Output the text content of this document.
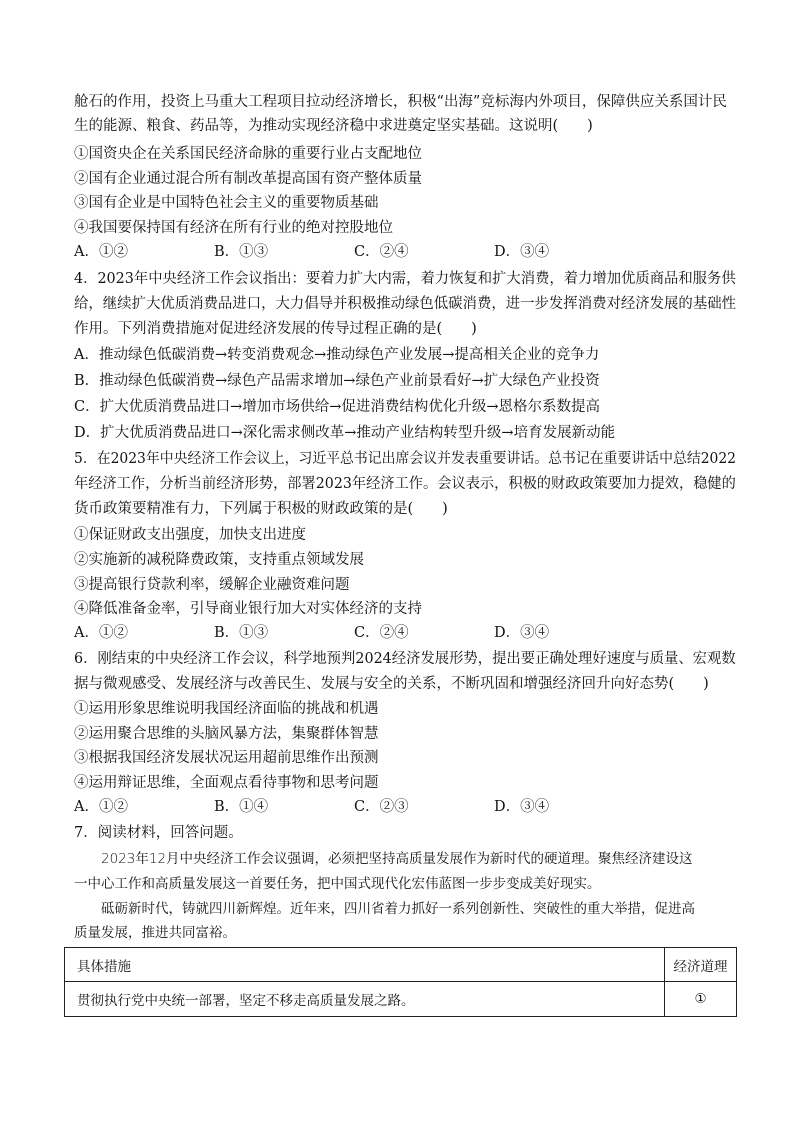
舱石的作用，投资上马重大工程项目拉动经济增长，积极“出海”竞标海内外项目，保障供应关系国计民
生的能源、粮食、药品等，为推动实现经济稳中求进奠定坚实基础。这说明(　　)
①国资央企在关系国民经济命脉的重要行业占支配地位
②国有企业通过混合所有制改革提高国有资产整体质量
③国有企业是中国特色社会主义的重要物质基础
④我国要保持国有经济在所有行业的绝对控股地位
A．①②	B．①③	C．②④	D．③④
4．2023年中央经济工作会议指出：要着力扩大内需，着力恢复和扩大消费，着力增加优质商品和服务供
给，继续扩大优质消费品进口，大力倡导并积极推动绿色低碳消费，进一步发挥消费对经济发展的基础性
作用。下列消费措施对促进经济发展的传导过程正确的是(　　)
A．推动绿色低碳消费→转变消费观念→推动绿色产业发展→提高相关企业的竞争力
B．推动绿色低碳消费→绿色产品需求增加→绿色产业前景看好→扩大绿色产业投资
C．扩大优质消费品进口→增加市场供给→促进消费结构优化升级→恩格尔系数提高
D．扩大优质消费品进口→深化需求侧改革→推动产业结构转型升级→培育发展新动能
5．在2023年中央经济工作会议上，习近平总书记出席会议并发表重要讲话。总书记在重要讲话中总结2022
年经济工作，分析当前经济形势，部署2023年经济工作。会议表示，积极的财政政策要加力提效，稳健的
货币政策要精准有力，下列属于积极的财政政策的是(　　)
①保证财政支出强度，加快支出进度
②实施新的减税降费政策，支持重点领域发展
③提高银行贷款利率，缓解企业融资难问题
④降低准备金率，引导商业银行加大对实体经济的支持
A．①②	B．①③	C．②④	D．③④
6．刚结束的中央经济工作会议，科学地预判2024经济发展形势，提出要正确处理好速度与质量、宏观数
据与微观感受、发展经济与改善民生、发展与安全的关系，不断巩固和增强经济回升向好态势(　　)
①运用形象思维说明我国经济面临的挑战和机遇
②运用聚合思维的头脑风暴方法，集聚群体智慧
③根据我国经济发展状况运用超前思维作出预测
④运用辩证思维，全面观点看待事物和思考问题
A．①②	B．①④	C．②③	D．③④
7．阅读材料，回答问题。
　　2023年12月中央经济工作会议强调，必须把坚持高质量发展作为新时代的硬道理。聚焦经济建设这
一中心工作和高质量发展这一首要任务，把中国式现代化宏伟蓝图一步步变成美好现实。
　　砥砺新时代，铸就四川新辉煌。近年来，四川省着力抓好一系列创新性、突破性的重大举措，促进高
质量发展，推进共同富裕。
具体措施	经济道理
贯彻执行党中央统一部署，坚定不移走高质量发展之路。	①
